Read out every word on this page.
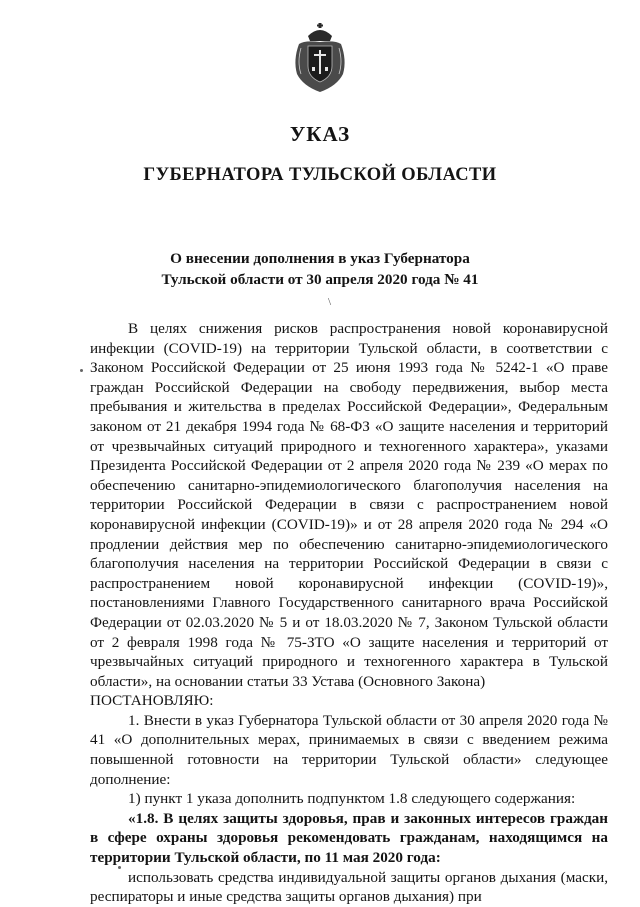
УКАЗ
ГУБЕРНАТОРА ТУЛЬСКОЙ ОБЛАСТИ
О внесении дополнения в указ Губернатора
Тульской области от 30 апреля 2020 года № 41
\

В целях снижения рисков распространения новой коронавирусной инфекции (COVID-19) на территории Тульской области, в соответствии с Законом Российской Федерации от 25 июня 1993 года № 5242-1 «О праве граждан Российской Федерации на свободу передвижения, выбор места пребывания и жительства в пределах Российской Федерации», Федеральным законом от 21 декабря 1994 года № 68-ФЗ «О защите населения и территорий от чрезвычайных ситуаций природного и техногенного характера», указами Президента Российской Федерации от 2 апреля 2020 года № 239 «О мерах по обеспечению санитарно-эпидемиологического благополучия населения на территории Российской Федерации в связи с распространением новой коронавирусной инфекции (COVID-19)» и от 28 апреля 2020 года № 294 «О продлении действия мер по обеспечению санитарно-эпидемиологического благополучия населения на территории Российской Федерации в связи с распространением новой коронавирусной инфекции (COVID-19)», постановлениями Главного Государственного санитарного врача Российской Федерации от 02.03.2020 № 5 и от 18.03.2020 № 7, Законом Тульской области от 2 февраля 1998 года № 75-ЗТО «О защите населения и территорий от чрезвычайных ситуаций природного и техногенного характера в Тульской области», на основании статьи 33 Устава (Основного Закона)

ПОСТАНОВЛЯЮ:

1. Внести в указ Губернатора Тульской области от 30 апреля 2020 года № 41 «О дополнительных мерах, принимаемых в связи с введением режима повышенной готовности на территории Тульской области» следующее дополнение:

1) пункт 1 указа дополнить подпунктом 1.8 следующего содержания:

«1.8. В целях защиты здоровья, прав и законных интересов граждан в сфере охраны здоровья рекомендовать гражданам, находящимся на территории Тульской области, по 11 мая 2020 года:

использовать средства индивидуальной защиты органов дыхания (маски, респираторы и иные средства защиты органов дыхания) при
